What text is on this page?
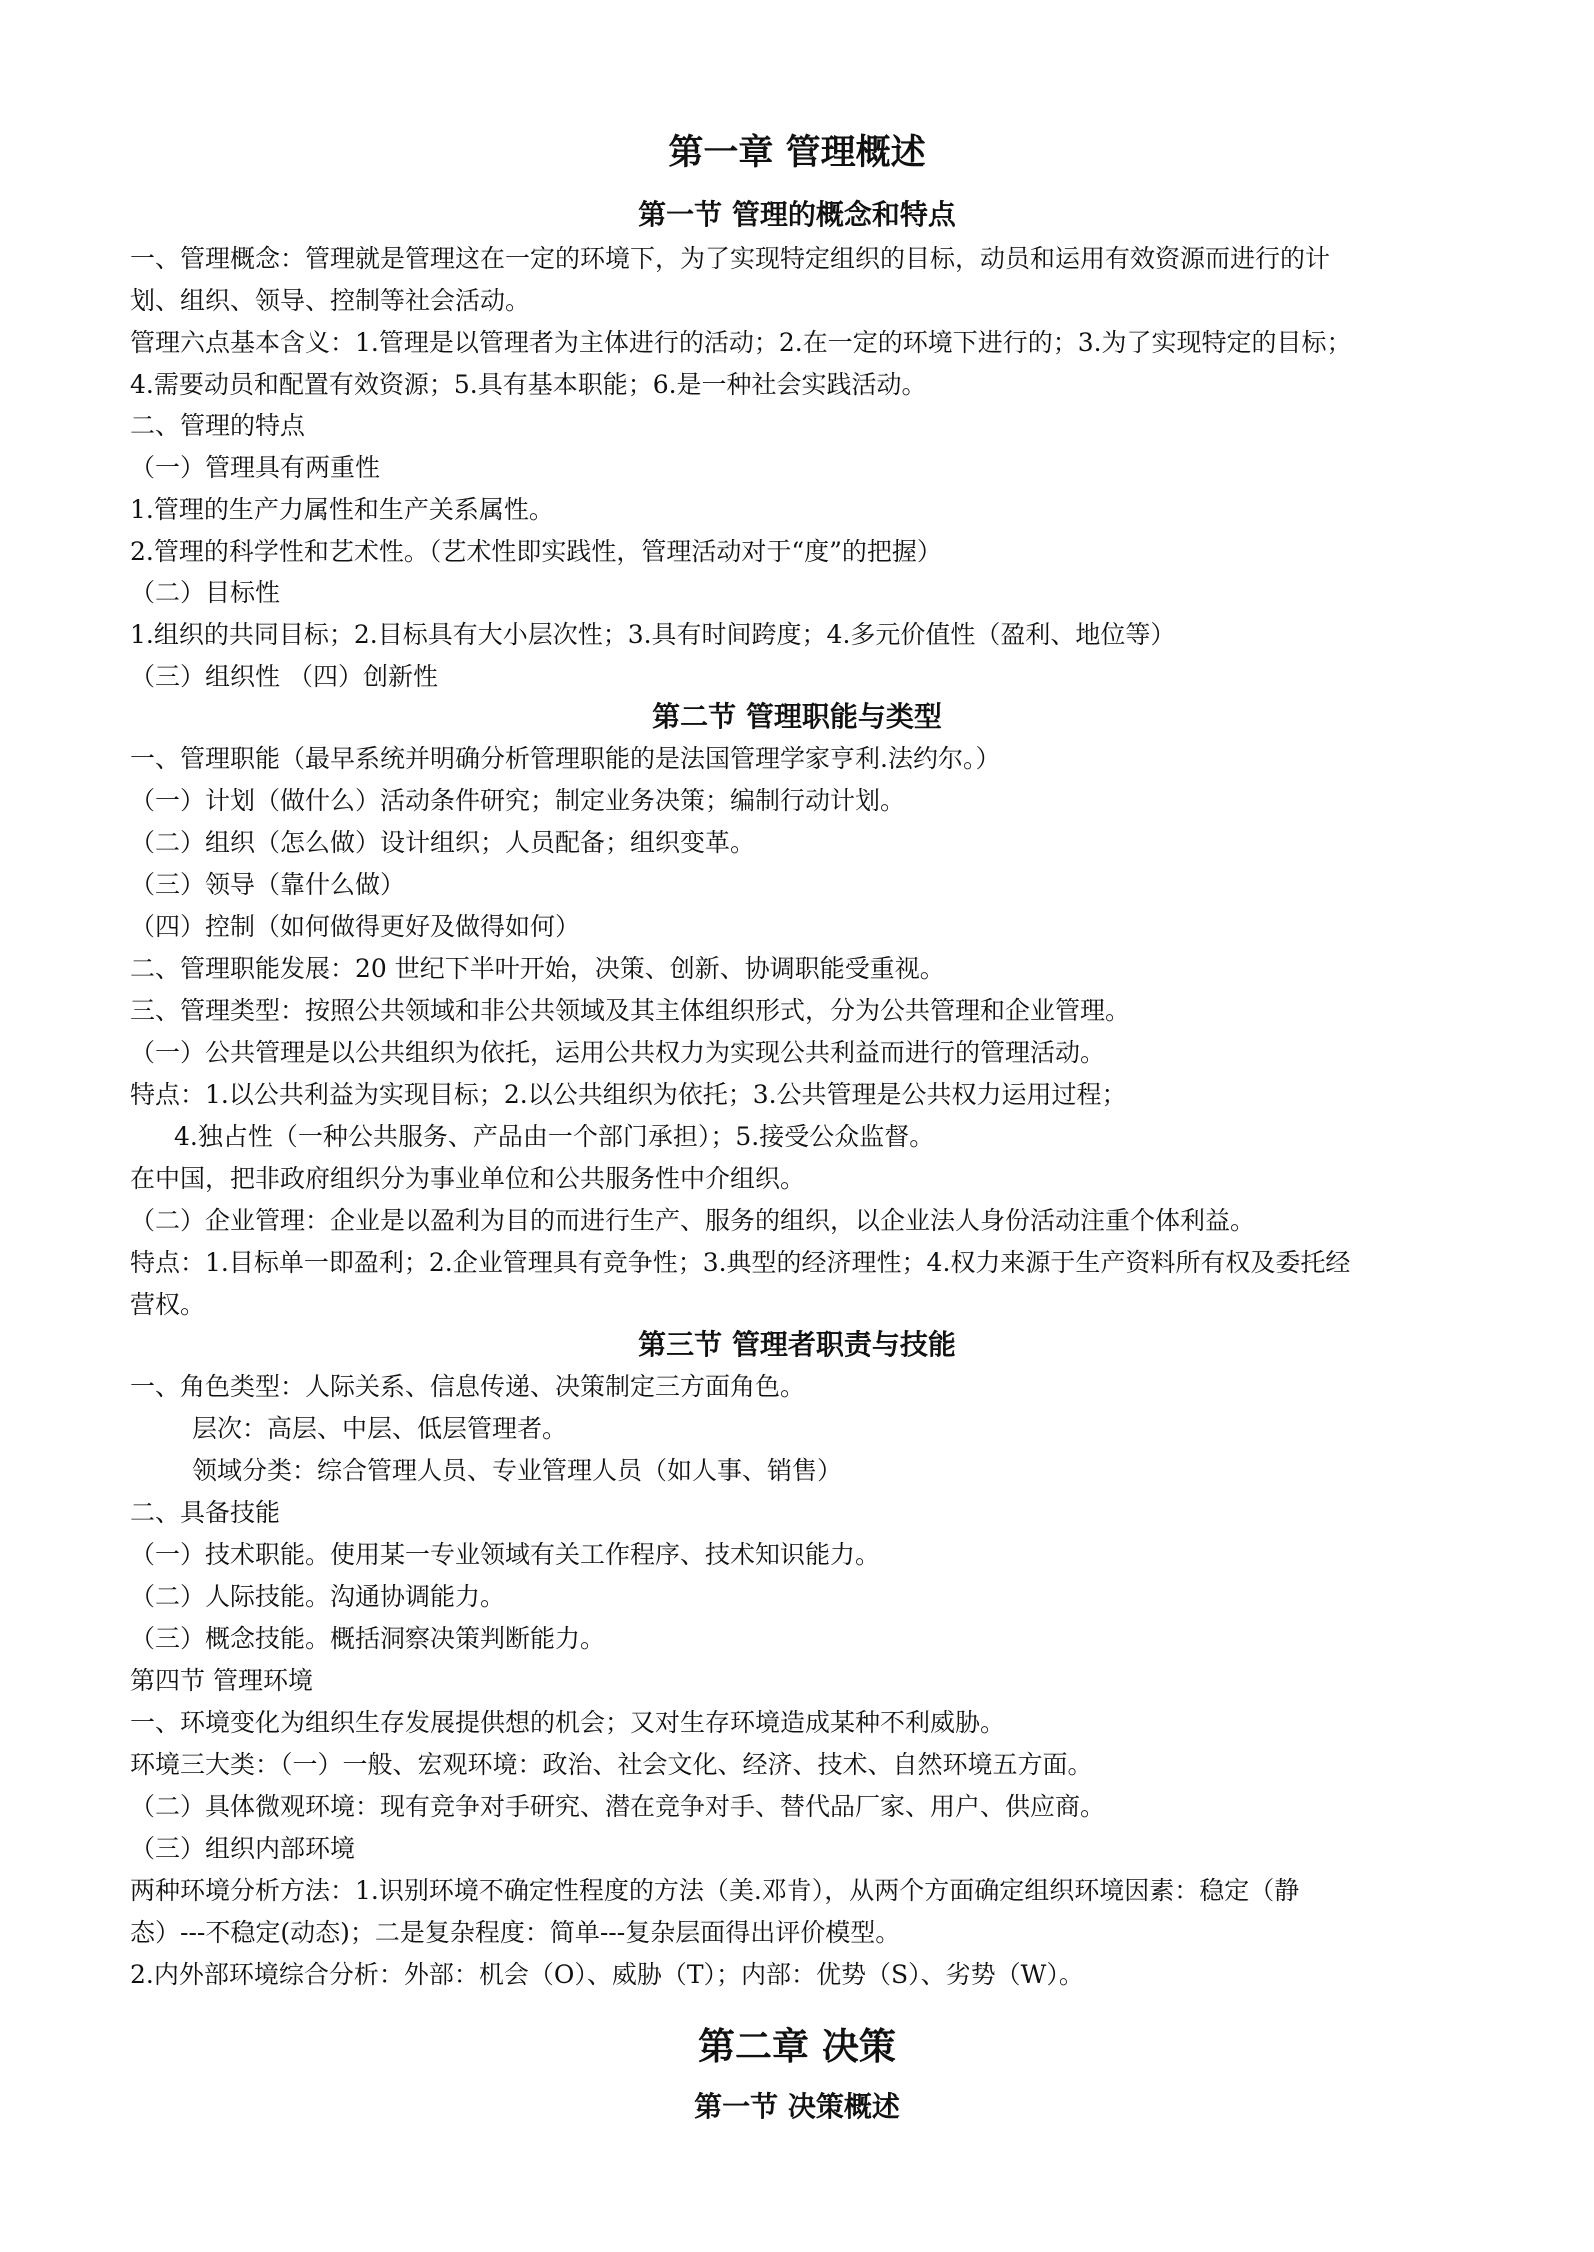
第一章 管理概述
第一节 管理的概念和特点
一、管理概念：管理就是管理这在一定的环境下，为了实现特定组织的目标，动员和运用有效资源而进行的计
划、组织、领导、控制等社会活动。
管理六点基本含义：1.管理是以管理者为主体进行的活动；2.在一定的环境下进行的；3.为了实现特定的目标；
4.需要动员和配置有效资源；5.具有基本职能；6.是一种社会实践活动。
二、管理的特点
（一）管理具有两重性
1.管理的生产力属性和生产关系属性。
2.管理的科学性和艺术性。（艺术性即实践性，管理活动对于“度”的把握）
（二）目标性
1.组织的共同目标；2.目标具有大小层次性；3.具有时间跨度；4.多元价值性（盈利、地位等）
（三）组织性 （四）创新性
第二节 管理职能与类型
一、管理职能（最早系统并明确分析管理职能的是法国管理学家亨利.法约尔。）
（一）计划（做什么）活动条件研究；制定业务决策；编制行动计划。
（二）组织（怎么做）设计组织；人员配备；组织变革。
（三）领导（靠什么做）
（四）控制（如何做得更好及做得如何）
二、管理职能发展：20 世纪下半叶开始，决策、创新、协调职能受重视。
三、管理类型：按照公共领域和非公共领域及其主体组织形式，分为公共管理和企业管理。
（一）公共管理是以公共组织为依托，运用公共权力为实现公共利益而进行的管理活动。
特点：1.以公共利益为实现目标；2.以公共组织为依托；3.公共管理是公共权力运用过程；
4.独占性（一种公共服务、产品由一个部门承担）；5.接受公众监督。
在中国，把非政府组织分为事业单位和公共服务性中介组织。
（二）企业管理：企业是以盈利为目的而进行生产、服务的组织，以企业法人身份活动注重个体利益。
特点：1.目标单一即盈利；2.企业管理具有竞争性；3.典型的经济理性；4.权力来源于生产资料所有权及委托经
营权。
第三节 管理者职责与技能
一、角色类型：人际关系、信息传递、决策制定三方面角色。
层次：高层、中层、低层管理者。
领域分类：综合管理人员、专业管理人员（如人事、销售）
二、具备技能
（一）技术职能。使用某一专业领域有关工作程序、技术知识能力。
（二）人际技能。沟通协调能力。
（三）概念技能。概括洞察决策判断能力。
第四节 管理环境
一、环境变化为组织生存发展提供想的机会；又对生存环境造成某种不利威胁。
环境三大类：（一）一般、宏观环境：政治、社会文化、经济、技术、自然环境五方面。
（二）具体微观环境：现有竞争对手研究、潜在竞争对手、替代品厂家、用户、供应商。
（三）组织内部环境
两种环境分析方法：1.识别环境不确定性程度的方法（美.邓肯），从两个方面确定组织环境因素：稳定（静
态）---不稳定(动态)；二是复杂程度：简单---复杂层面得出评价模型。
2.内外部环境综合分析：外部：机会（O）、威胁（T）；内部：优势（S）、劣势（W）。
第二章 决策
第一节 决策概述
